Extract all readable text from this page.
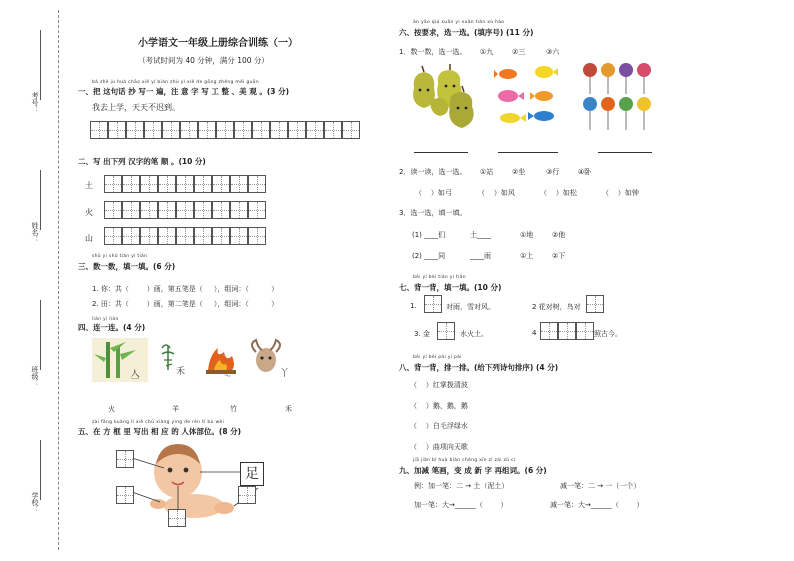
考号：
姓名：
班级：
学校：
小学语文一年级上册综合训练（一）
（考试时间为 40 分钟，满分 100 分）
bǎ zhè jù huà chāo xiě yí biàn zhù yì xiě de gōng zhěng měi guān
一、把 这句话 抄 写一 遍，注 意 字 写 工 整 、美 观 。(3 分)
我去上学，天天不迟到。
二、写 出下列 汉字的笔 顺 。(10 分)
土
火
山
shǔ yi shǔ tián yì tián
三、数一数，填一填。(6 分)
1. 你：共（        ）画，第五笔是（     ），组词：（          ）
2. 田：共（        ）画，第二笔是（     ），组词：（          ）
lián yi lián
四、连一连。(4 分)
亼	禾	〜	丫
火	羊	竹	禾
zài fāng kuàng lǐ xiě chū xiàng yìng de rén tǐ bù wèi
五、在 方 框 里 写出 相 应 的 人体部位。(8 分)
足
àn yāo qiú xuǎn yi xuǎn tián xù hào
六、按要求，选一选。(填序号) (11 分)
1．数一数，选一选。 ①九	②三	③六
2．读一读，选一选。 ①站	②坐	③行	④卧
（    ）如弓	（    ）如风	（    ）如松	（    ）如钟
3．选一选，填一填。
(1) ____们	土____	①地	②他
(2) ____同	____雨	①上	②下
bèi yi bèi tián yi tián
七、背一背，填一填。(10 分)
1.	对雨，雪对风。	2 花对树，鸟对
3. 金	水火土。	4	照古今。
bèi yi bèi pái yi pái
八、背一背，排一排。(给下列诗句排序) (4 分)
（    ）红掌拨清波
（    ）鹅，鹅，鹅
（    ）白毛浮绿水
（    ）曲项向天歌
jiā jiǎn bǐ huà biàn chéng xīn zì zài zǔ cí
九、加减 笔画，变 成 新 字 再组词。(6 分)
例：加一笔：二 → 土（泥土）	减一笔：二 → 一（一个）
加一笔：大→______（        ）	减一笔：大→______（        ）
